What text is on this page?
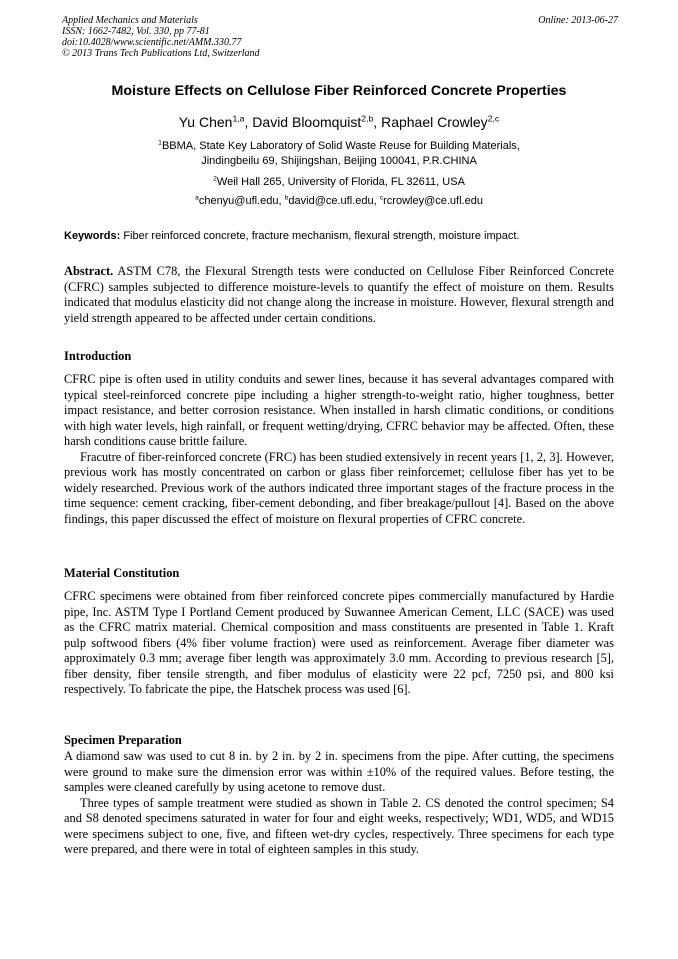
Applied Mechanics and Materials
ISSN: 1662-7482, Vol. 330, pp 77-81
doi:10.4028/www.scientific.net/AMM.330.77
© 2013 Trans Tech Publications Ltd, Switzerland
Online: 2013-06-27
Moisture Effects on Cellulose Fiber Reinforced Concrete Properties
Yu Chen$^{1,a}$, David Bloomquist$^{2,b}$, Raphael Crowley$^{2,c}$
$^1$BBMA, State Key Laboratory of Solid Waste Reuse for Building Materials,
Jindingbeilu 69, Shijingshan, Beijing 100041, P.R.CHINA
$^2$Weil Hall 265, University of Florida, FL 32611, USA
$^a$chenyu@ufl.edu, $^b$david@ce.ufl.edu, $^c$rcrowley@ce.ufl.edu
Keywords: Fiber reinforced concrete, fracture mechanism, flexural strength, moisture impact.

Abstract. ASTM C78, the Flexural Strength tests were conducted on Cellulose Fiber Reinforced Concrete (CFRC) samples subjected to difference moisture-levels to quantify the effect of moisture on them. Results indicated that modulus elasticity did not change along the increase in moisture. However, flexural strength and yield strength appeared to be affected under certain conditions.

Introduction

CFRC pipe is often used in utility conduits and sewer lines, because it has several advantages compared with typical steel-reinforced concrete pipe including a higher strength-to-weight ratio, higher toughness, better impact resistance, and better corrosion resistance. When installed in harsh climatic conditions, or conditions with high water levels, high rainfall, or frequent wetting/drying, CFRC behavior may be affected. Often, these harsh conditions cause brittle failure.

Fracutre of fiber-reinforced concrete (FRC) has been studied extensively in recent years [1, 2, 3]. However, previous work has mostly concentrated on carbon or glass fiber reinforcemet; cellulose fiber has yet to be widely researched. Previous work of the authors indicated three important stages of the fracture process in the time sequence: cement cracking, fiber-cement debonding, and fiber breakage/pullout [4]. Based on the above findings, this paper discussed the effect of moisture on flexural properties of CFRC concrete.

Material Constitution

CFRC specimens were obtained from fiber reinforced concrete pipes commercially manufactured by Hardie pipe, Inc. ASTM Type I Portland Cement produced by Suwannee American Cement, LLC (SACE) was used as the CFRC matrix material. Chemical composition and mass constituents are presented in Table 1. Kraft pulp softwood fibers (4% fiber volume fraction) were used as reinforcement. Average fiber diameter was approximately 0.3 mm; average fiber length was approximately 3.0 mm. According to previous research [5], fiber density, fiber tensile strength, and fiber modulus of elasticity were 22 pcf, 7250 psi, and 800 ksi respectively. To fabricate the pipe, the Hatschek process was used [6].

Specimen Preparation

A diamond saw was used to cut 8 in. by 2 in. by 2 in. specimens from the pipe. After cutting, the specimens were ground to make sure the dimension error was within ±10% of the required values. Before testing, the samples were cleaned carefully by using acetone to remove dust.

Three types of sample treatment were studied as shown in Table 2. CS denoted the control specimen; S4 and S8 denoted specimens saturated in water for four and eight weeks, respectively; WD1, WD5, and WD15 were specimens subject to one, five, and fifteen wet-dry cycles, respectively. Three specimens for each type were prepared, and there were in total of eighteen samples in this study.
